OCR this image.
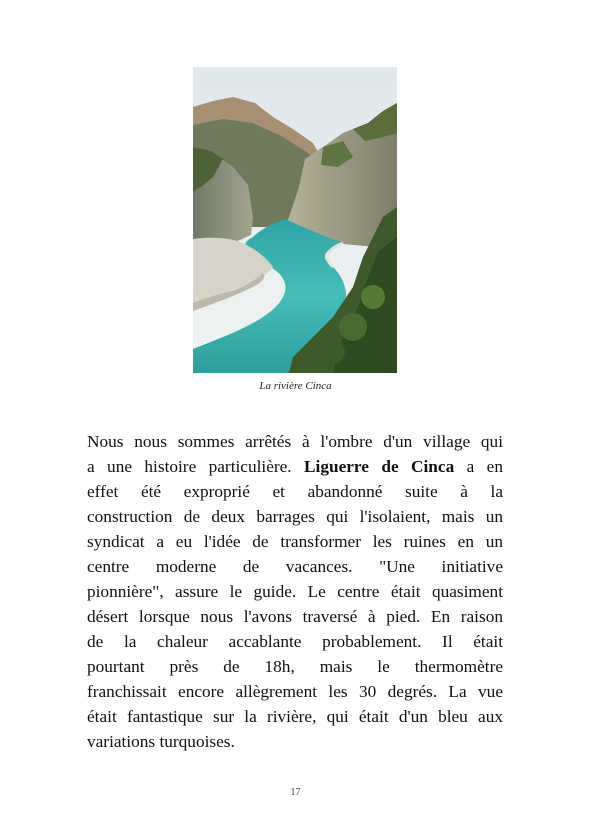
La rivière Cinca
Nous nous sommes arrêtés à l'ombre d'un village qui
a une histoire particulière. Liguerre de Cinca a en
effet été exproprié et abandonné suite à la
construction de deux barrages qui l'isolaient, mais un
syndicat a eu l'idée de transformer les ruines en un
centre moderne de vacances. "Une initiative
pionnière", assure le guide. Le centre était quasiment
désert lorsque nous l'avons traversé à pied. En raison
de la chaleur accablante probablement. Il était
pourtant près de 18h, mais le thermomètre
franchissait encore allègrement les 30 degrés. La vue
était fantastique sur la rivière, qui était d'un bleu aux
variations turquoises.
17
